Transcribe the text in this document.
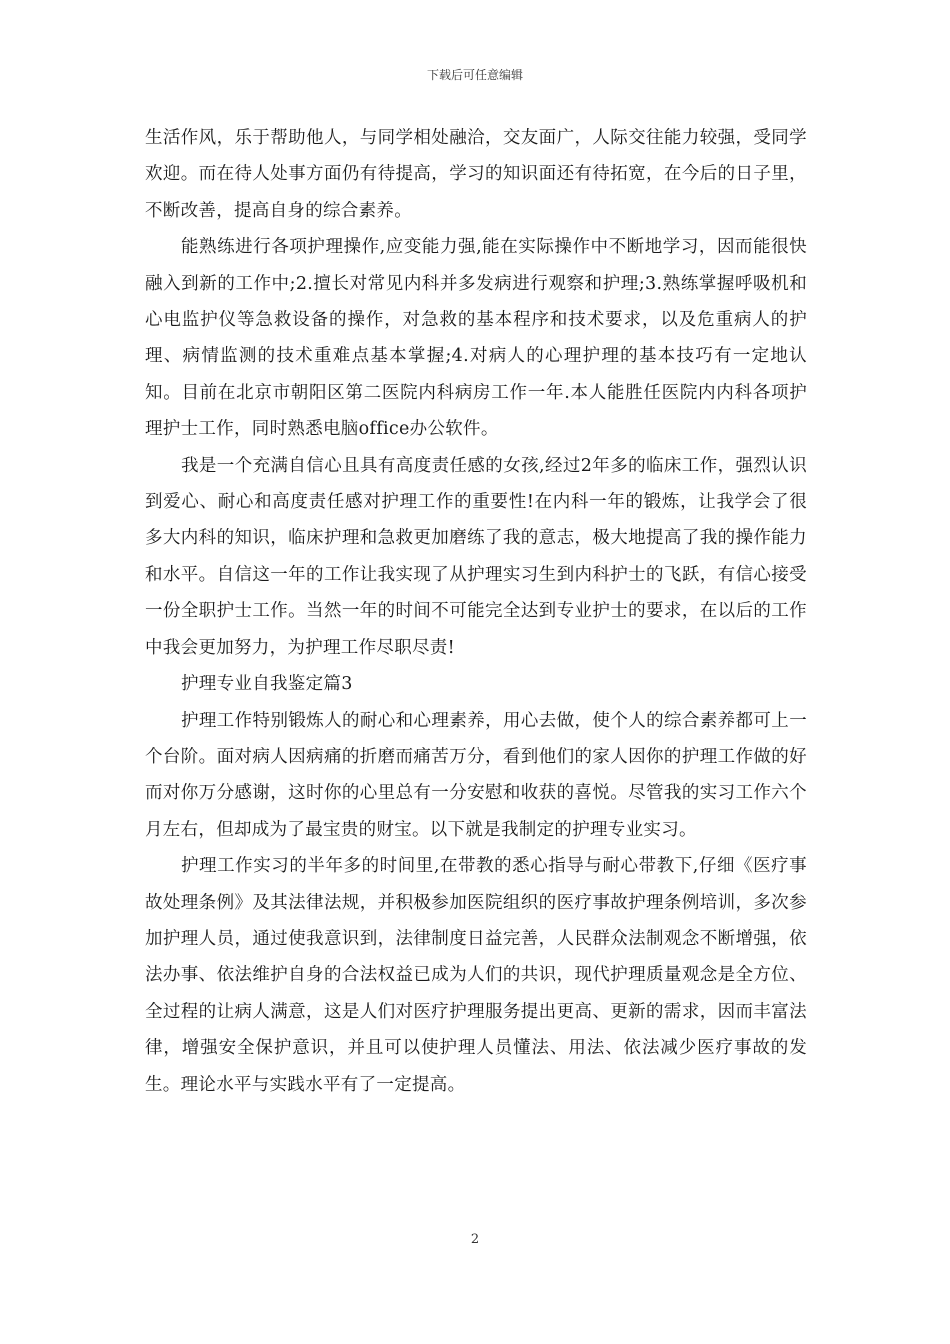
下载后可任意编辑

生活作风，乐于帮助他人，与同学相处融洽，交友面广，人际交往能力较强，受同学欢迎。而在待人处事方面仍有待提高，学习的知识面还有待拓宽，在今后的日子里，不断改善，提高自身的综合素养。

能熟练进行各项护理操作,应变能力强,能在实际操作中不断地学习，因而能很快融入到新的工作中;2.擅长对常见内科并多发病进行观察和护理;3.熟练掌握呼吸机和心电监护仪等急救设备的操作，对急救的基本程序和技术要求，以及危重病人的护理、病情监测的技术重难点基本掌握;4.对病人的心理护理的基本技巧有一定地认知。目前在北京市朝阳区第二医院内科病房工作一年.本人能胜任医院内内科各项护理护士工作，同时熟悉电脑office办公软件。

我是一个充满自信心且具有高度责任感的女孩,经过2年多的临床工作，强烈认识到爱心、耐心和高度责任感对护理工作的重要性!在内科一年的锻炼，让我学会了很多大内科的知识，临床护理和急救更加磨练了我的意志，极大地提高了我的操作能力和水平。自信这一年的工作让我实现了从护理实习生到内科护士的飞跃，有信心接受一份全职护士工作。当然一年的时间不可能完全达到专业护士的要求，在以后的工作中我会更加努力，为护理工作尽职尽责!

护理专业自我鉴定篇3

护理工作特别锻炼人的耐心和心理素养，用心去做，使个人的综合素养都可上一个台阶。面对病人因病痛的折磨而痛苦万分，看到他们的家人因你的护理工作做的好而对你万分感谢，这时你的心里总有一分安慰和收获的喜悦。尽管我的实习工作六个月左右，但却成为了最宝贵的财宝。以下就是我制定的护理专业实习。

护理工作实习的半年多的时间里,在带教的悉心指导与耐心带教下,仔细《医疗事故处理条例》及其法律法规，并积极参加医院组织的医疗事故护理条例培训，多次参加护理人员，通过使我意识到，法律制度日益完善，人民群众法制观念不断增强，依法办事、依法维护自身的合法权益已成为人们的共识，现代护理质量观念是全方位、全过程的让病人满意，这是人们对医疗护理服务提出更高、更新的需求，因而丰富法律，增强安全保护意识，并且可以使护理人员懂法、用法、依法减少医疗事故的发生。理论水平与实践水平有了一定提高。

2
